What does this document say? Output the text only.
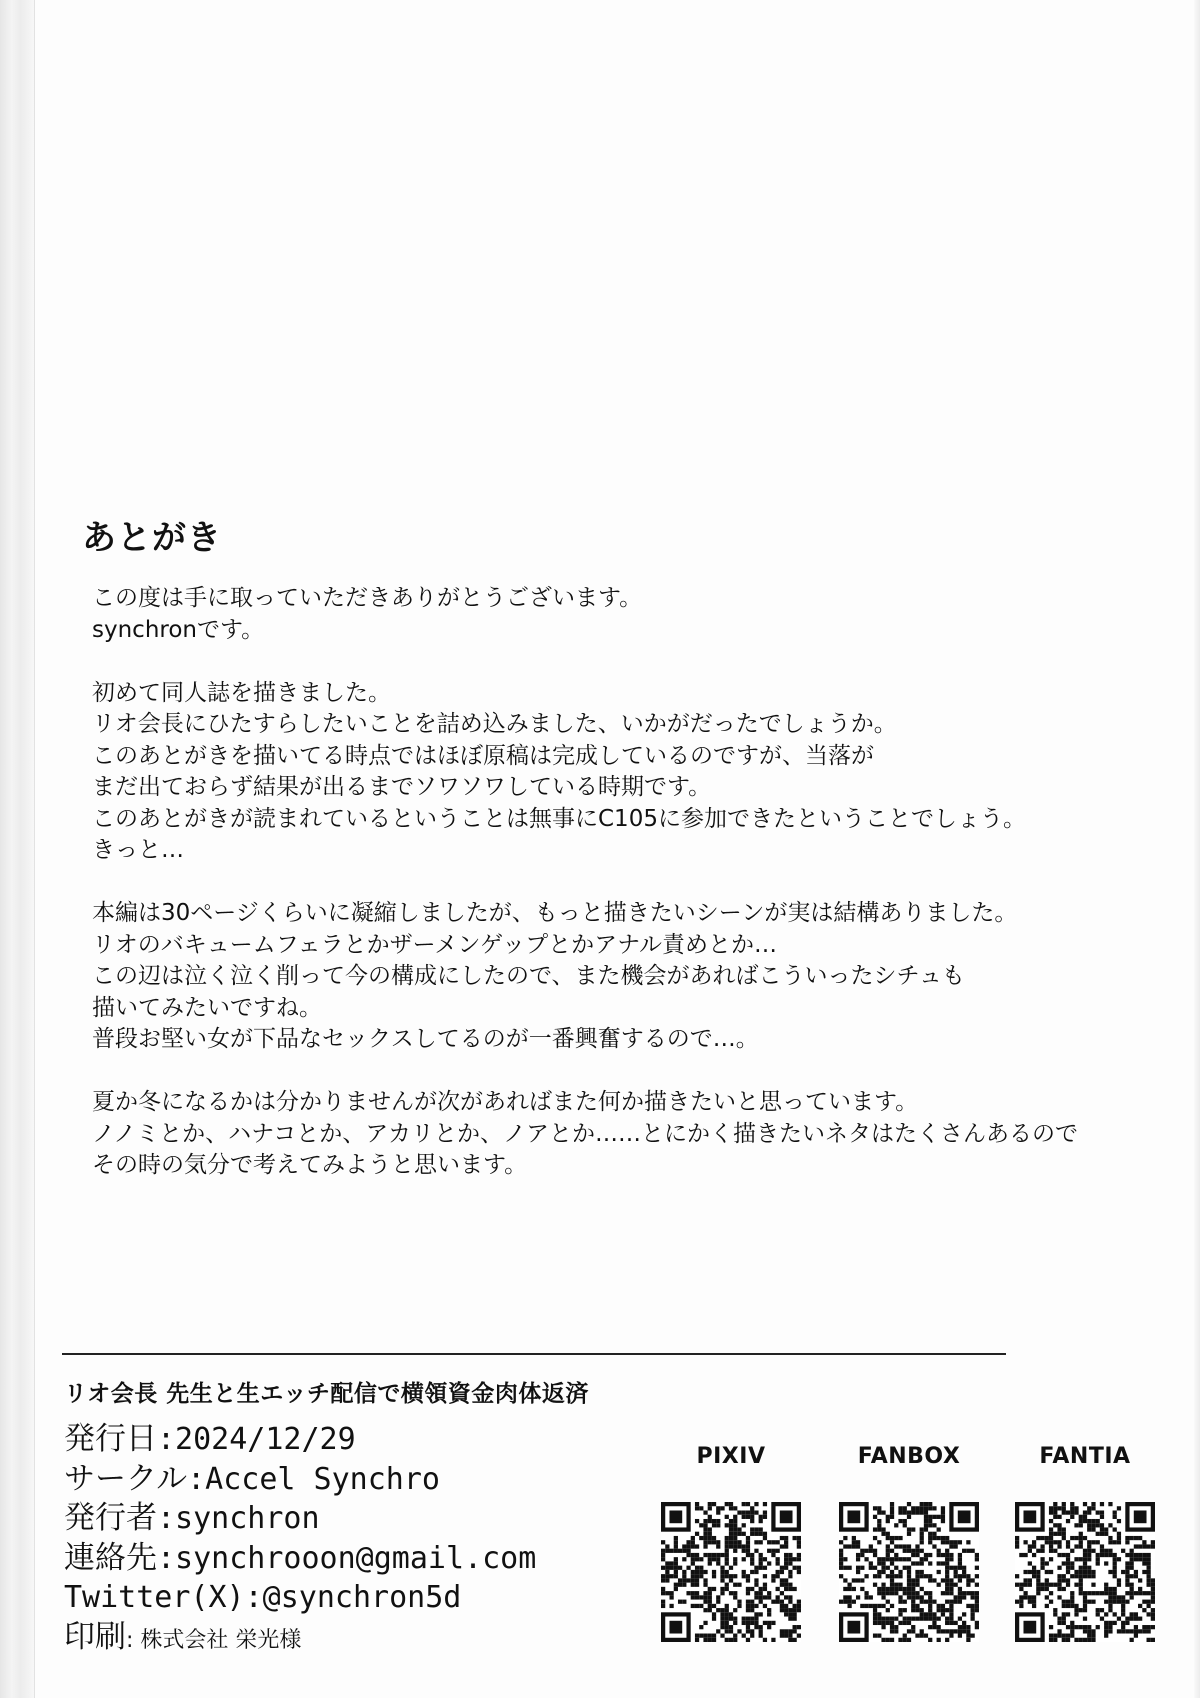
あとがき

この度は手に取っていただきありがとうございます。
synchronです。

初めて同人誌を描きました。
リオ会長にひたすらしたいことを詰め込みました、いかがだったでしょうか。
このあとがきを描いてる時点ではほぼ原稿は完成しているのですが、当落が
まだ出ておらず結果が出るまでソワソワしている時期です。
このあとがきが読まれているということは無事にC105に参加できたということでしょう。
きっと…

本編は30ページくらいに凝縮しましたが、もっと描きたいシーンが実は結構ありました。
リオのバキュームフェラとかザーメンゲップとかアナル責めとか…
この辺は泣く泣く削って今の構成にしたので、また機会があればこういったシチュも
描いてみたいですね。
普段お堅い女が下品なセックスしてるのが一番興奮するので…。

夏か冬になるかは分かりませんが次があればまた何か描きたいと思っています。
ノノミとか、ハナコとか、アカリとか、ノアとか……とにかく描きたいネタはたくさんあるので
その時の気分で考えてみようと思います。

リオ会長 先生と生エッチ配信で横領資金肉体返済
発行日:2024/12/29
サークル:Accel Synchro
発行者:synchron
連絡先:synchrooon@gmail.com
Twitter(X):@synchron5d
印刷: 株式会社 栄光様
PIXIV	FANBOX	FANTIA
